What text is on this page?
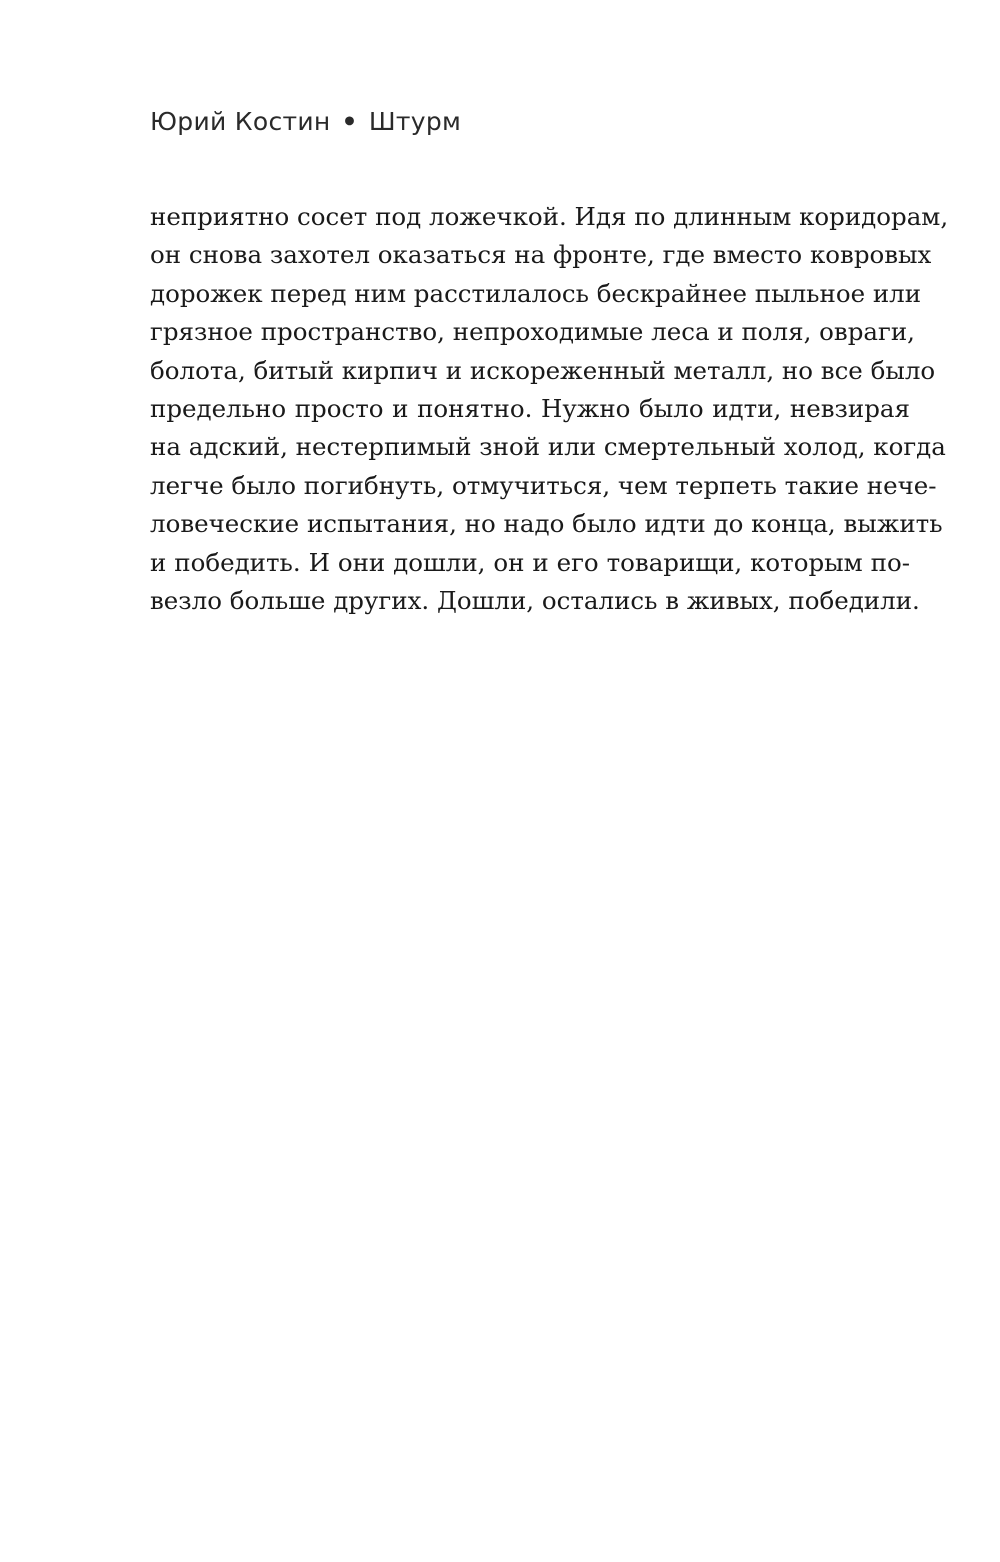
Юрий Костин • Штурм
неприятно сосет под ложечкой. Идя по длинным коридорам,
он снова захотел оказаться на фронте, где вместо ковровых
дорожек перед ним расстилалось бескрайнее пыльное или
грязное пространство, непроходимые леса и поля, овраги,
болота, битый кирпич и искореженный металл, но все было
предельно просто и понятно. Нужно было идти, невзирая
на адский, нестерпимый зной или смертельный холод, когда
легче было погибнуть, отмучиться, чем терпеть такие нече-
ловеческие испытания, но надо было идти до конца, выжить
и победить. И они дошли, он и его товарищи, которым по-
везло больше других. Дошли, остались в живых, победили.
